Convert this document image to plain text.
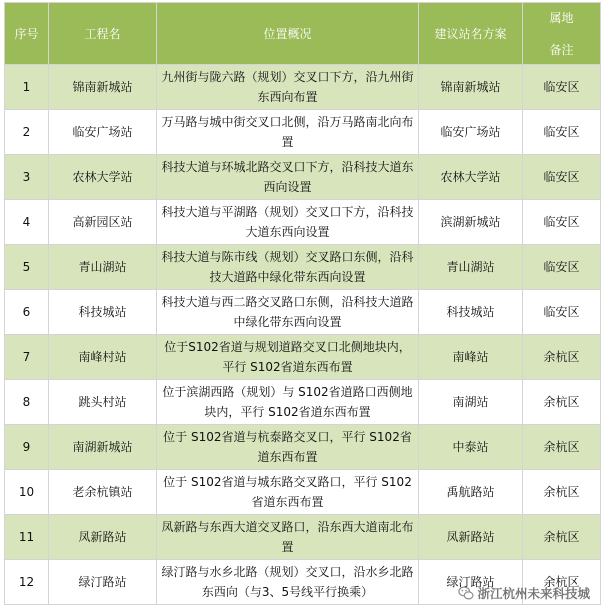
序号	工程名	位置概况	建议站名方案	属地
备注

1	锦南新城站	九州街与陇六路（规划）交叉口下方，沿九州街东西向布置	锦南新城站	临安区
2	临安广场站	万马路与城中街交叉口北侧，沿万马路南北向布置	临安广场站	临安区
3	农林大学站	科技大道与环城北路交叉口下方，沿科技大道东西向设置	农林大学站	临安区
4	高新园区站	科技大道与平湖路（规划）交叉口下方，沿科技大道东西向设置	滨湖新城站	临安区
5	青山湖站	科技大道与陈市线（规划）交叉路口东侧，沿科技大道路中绿化带东西向设置	青山湖站	临安区
6	科技城站	科技大道与西二路交叉路口东侧，沿科技大道路中绿化带东西向设置	科技城站	临安区
7	南峰村站	位于S102省道与规划道路交叉口北侧地块内，平行 S102省道东西布置	南峰站	余杭区
8	跳头村站	位于滨湖西路（规划）与 S102省道路口西侧地块内，平行 S102省道东西布置	南湖站	余杭区
9	南湖新城站	位于 S102省道与杭泰路交叉口，平行 S102省道东西布置	中泰站	余杭区
10	老余杭镇站	位于 S102省道与城东路交叉路口，平行 S102省道东西布置	禹航路站	余杭区
11	凤新路站	凤新路与东西大道交叉路口，沿东西大道南北布置	凤新路站	余杭区
12	绿汀路站	绿汀路与水乡北路（规划）交叉口，沿水乡北路东西向（与3、5号线平行换乘）	绿汀路站	余杭区
浙江杭州未来科技城
